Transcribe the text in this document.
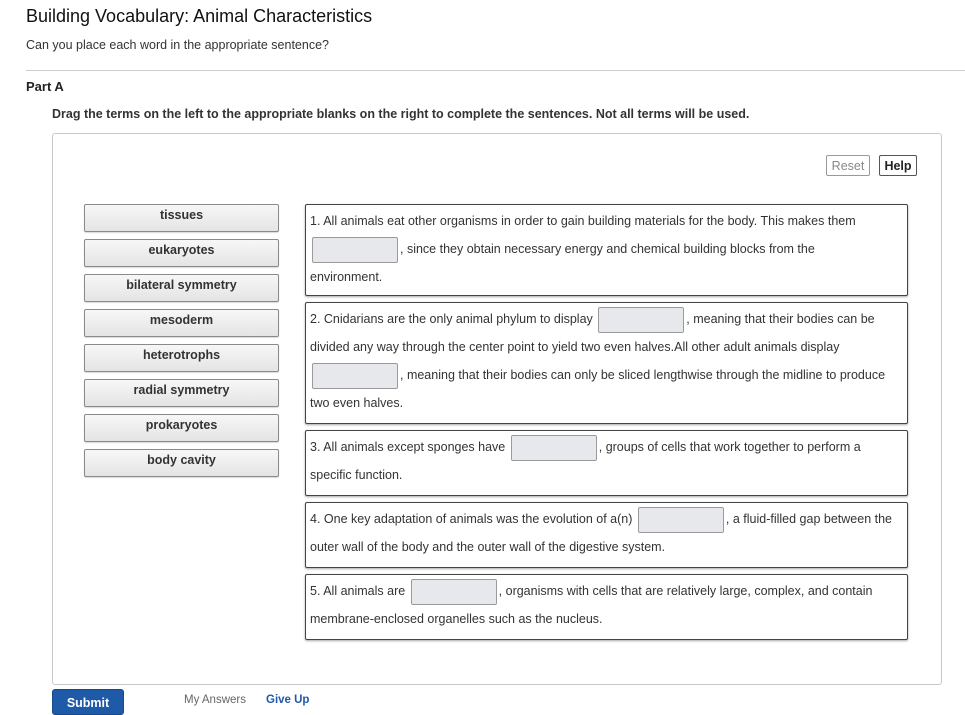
Building Vocabulary: Animal Characteristics
Can you place each word in the appropriate sentence?
Part A
Drag the terms on the left to the appropriate blanks on the right to complete the sentences. Not all terms will be used.
Reset	Help
tissues
eukaryotes
bilateral symmetry
mesoderm
heterotrophs
radial symmetry
prokaryotes
body cavity
1. All animals eat other organisms in order to gain building materials for the body. This makes them
, since they obtain necessary energy and chemical building blocks from the
environment.
2. Cnidarians are the only animal phylum to display	, meaning that their bodies can be divided any way through the center point to yield two even halves.All other adult animals display
, meaning that their bodies can only be sliced lengthwise through the midline to produce two even halves.
3. All animals except sponges have	, groups of cells that work together to perform a specific function.
4. One key adaptation of animals was the evolution of a(n)	, a fluid-filled gap between the outer wall of the body and the outer wall of the digestive system.
5. All animals are	, organisms with cells that are relatively large, complex, and contain membrane-enclosed organelles such as the nucleus.
Submit	My Answers Give Up
